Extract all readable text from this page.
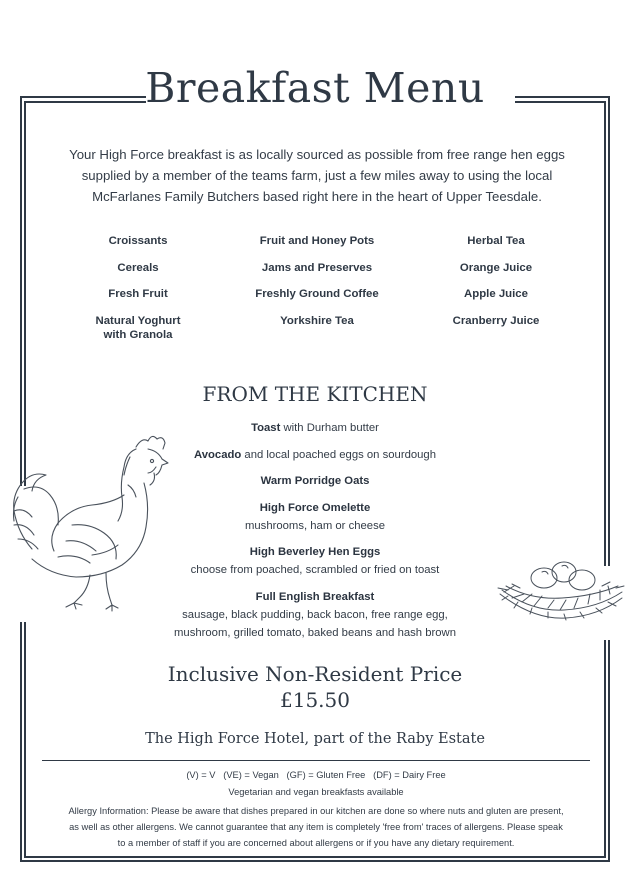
Breakfast Menu
Your High Force breakfast is as locally sourced as possible from free range hen eggs supplied by a member of the teams farm, just a few miles away to using the local McFarlanes Family Butchers based right here in the heart of Upper Teesdale.
Croissants
Cereals
Fresh Fruit
Natural Yoghurt
with Granola
Fruit and Honey Pots
Jams and Preserves
Freshly Ground Coffee
Yorkshire Tea
Herbal Tea
Orange Juice
Apple Juice
Cranberry Juice
FROM THE KITCHEN
Toast with Durham butter
Avocado and local poached eggs on sourdough
Warm Porridge Oats
High Force Omelette
mushrooms, ham or cheese
High Beverley Hen Eggs
choose from poached, scrambled or fried on toast
Full English Breakfast
sausage, black pudding, back bacon, free range egg,
mushroom, grilled tomato, baked beans and hash brown
Inclusive Non-Resident Price
£15.50
The High Force Hotel, part of the Raby Estate
(V) = V   (VE) = Vegan   (GF) = Gluten Free   (DF) = Dairy Free
Vegetarian and vegan breakfasts available
Allergy Information: Please be aware that dishes prepared in our kitchen are done so where nuts and gluten are present,
as well as other allergens. We cannot guarantee that any item is completely 'free from' traces of allergens. Please speak
to a member of staff if you are concerned about allergens or if you have any dietary requirement.
